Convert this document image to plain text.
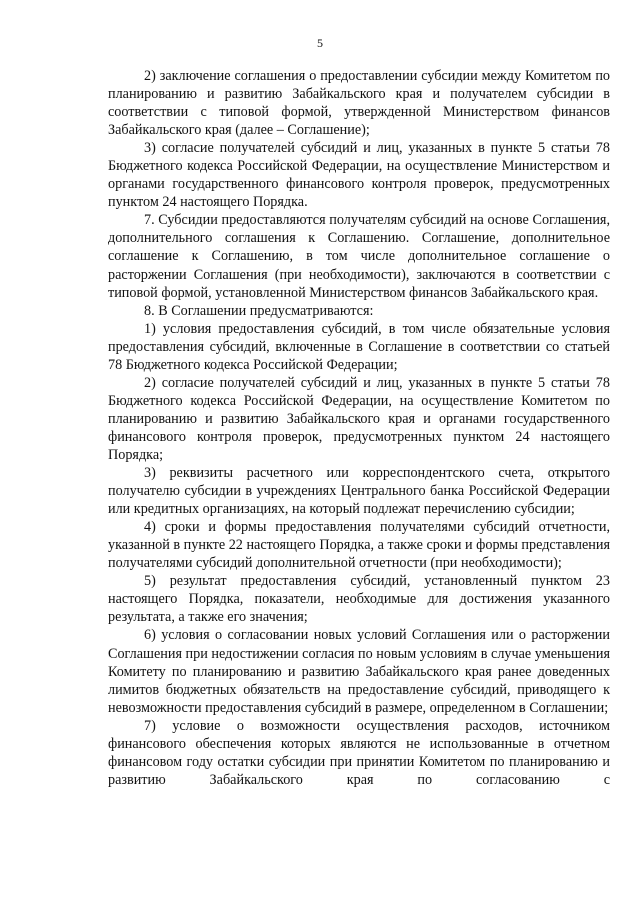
5

2) заключение соглашения о предоставлении субсидии между Комитетом по планированию и развитию Забайкальского края и получателем субсидии в соответствии с типовой формой, утвержденной Министерством финансов Забайкальского края (далее – Соглашение);

3) согласие получателей субсидий и лиц, указанных в пункте 5 статьи 78 Бюджетного кодекса Российской Федерации, на осуществление Министерством и органами государственного финансового контроля проверок, предусмотренных пунктом 24 настоящего Порядка.

7. Субсидии предоставляются получателям субсидий на основе Соглашения, дополнительного соглашения к Соглашению. Соглашение, дополнительное соглашение к Соглашению, в том числе дополнительное соглашение о расторжении Соглашения (при необходимости), заключаются в соответствии с типовой формой, установленной Министерством финансов Забайкальского края.

8. В Соглашении предусматриваются:

1) условия предоставления субсидий, в том числе обязательные условия предоставления субсидий, включенные в Соглашение в соответствии со статьей 78 Бюджетного кодекса Российской Федерации;

2) согласие получателей субсидий и лиц, указанных в пункте 5 статьи 78 Бюджетного кодекса Российской Федерации, на осуществление Комитетом по планированию и развитию Забайкальского края и органами государственного финансового контроля проверок, предусмотренных пунктом 24 настоящего Порядка;

3) реквизиты расчетного или корреспондентского счета, открытого получателю субсидии в учреждениях Центрального банка Российской Федерации или кредитных организациях, на который подлежат перечислению субсидии;

4) сроки и формы предоставления получателями субсидий отчетности, указанной в пункте 22 настоящего Порядка, а также сроки и формы представления получателями субсидий дополнительной отчетности (при необходимости);

5) результат предоставления субсидий, установленный пунктом 23 настоящего Порядка, показатели, необходимые для достижения указанного результата, а также его значения;

6) условия о согласовании новых условий Соглашения или о расторжении Соглашения при недостижении согласия по новым условиям в случае уменьшения Комитету по планированию и развитию Забайкальского края ранее доведенных лимитов бюджетных обязательств на предоставление субсидий, приводящего к невозможности предоставления субсидий в размере, определенном в Соглашении;

7) условие о возможности осуществления расходов, источником финансового обеспечения которых являются не использованные в отчетном финансовом году остатки субсидии при принятии Комитетом по планированию и развитию Забайкальского края по согласованию с
